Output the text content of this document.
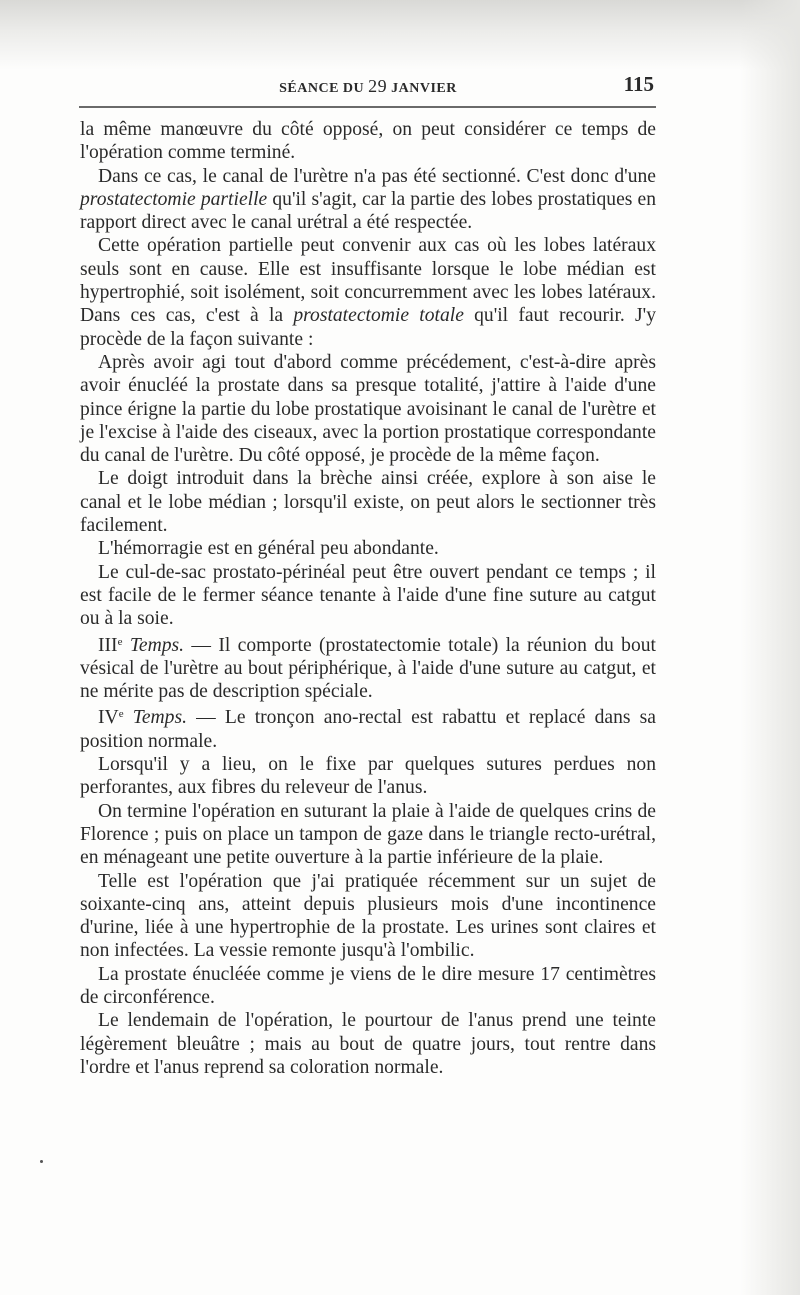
SÉANCE DU 29 JANVIER	115

la même manœuvre du côté opposé, on peut considérer ce temps de l'opération comme terminé.

Dans ce cas, le canal de l'urètre n'a pas été sectionné. C'est donc d'une prostatectomie partielle qu'il s'agit, car la partie des lobes prostatiques en rapport direct avec le canal urétral a été respectée.

Cette opération partielle peut convenir aux cas où les lobes latéraux seuls sont en cause. Elle est insuffisante lorsque le lobe médian est hypertrophié, soit isolément, soit concurremment avec les lobes latéraux. Dans ces cas, c'est à la prostatectomie totale qu'il faut recourir. J'y procède de la façon suivante :

Après avoir agi tout d'abord comme précédement, c'est-à-dire après avoir énucléé la prostate dans sa presque totalité, j'attire à l'aide d'une pince érigne la partie du lobe prostatique avoisinant le canal de l'urètre et je l'excise à l'aide des ciseaux, avec la portion prostatique correspondante du canal de l'urètre. Du côté opposé, je procède de la même façon.

Le doigt introduit dans la brèche ainsi créée, explore à son aise le canal et le lobe médian ; lorsqu'il existe, on peut alors le sectionner très facilement.

L'hémorragie est en général peu abondante.

Le cul-de-sac prostato-périnéal peut être ouvert pendant ce temps ; il est facile de le fermer séance tenante à l'aide d'une fine suture au catgut ou à la soie.

IIIe Temps. — Il comporte (prostatectomie totale) la réunion du bout vésical de l'urètre au bout périphérique, à l'aide d'une suture au catgut, et ne mérite pas de description spéciale.

IVe Temps. — Le tronçon ano-rectal est rabattu et replacé dans sa position normale.

Lorsqu'il y a lieu, on le fixe par quelques sutures perdues non perforantes, aux fibres du releveur de l'anus.

On termine l'opération en suturant la plaie à l'aide de quelques crins de Florence ; puis on place un tampon de gaze dans le triangle recto-urétral, en ménageant une petite ouverture à la partie inférieure de la plaie.

Telle est l'opération que j'ai pratiquée récemment sur un sujet de soixante-cinq ans, atteint depuis plusieurs mois d'une incontinence d'urine, liée à une hypertrophie de la prostate. Les urines sont claires et non infectées. La vessie remonte jusqu'à l'ombilic.

La prostate énucléée comme je viens de le dire mesure 17 centimètres de circonférence.

Le lendemain de l'opération, le pourtour de l'anus prend une teinte légèrement bleuâtre ; mais au bout de quatre jours, tout rentre dans l'ordre et l'anus reprend sa coloration normale.
